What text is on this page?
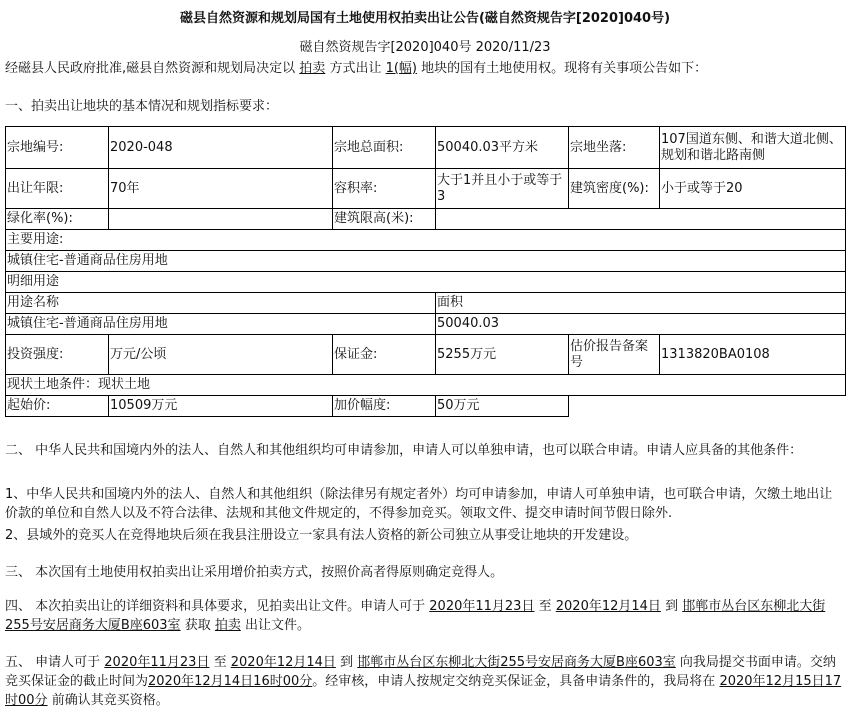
磁县自然资源和规划局国有土地使用权拍卖出让公告(磁自然资规告字[2020]040号)
磁自然资规告字[2020]040号 2020/11/23
经磁县人民政府批准,磁县自然资源和规划局决定以 拍卖 方式出让 1(幅) 地块的国有土地使用权。现将有关事项公告如下：
一、拍卖出让地块的基本情况和规划指标要求：
宗地编号:	2020-048	宗地总面积:	50040.03平方米	宗地坐落:	107国道东侧、和谐大道北侧、规划和谐北路南侧
出让年限:	70年	容积率:	大于1并且小于或等于3	建筑密度(%):	小于或等于20
绿化率(%):		建筑限高(米):			
主要用途:					
城镇住宅-普通商品住房用地					
明细用途					
用途名称			面积		
城镇住宅-普通商品住房用地			50040.03		
投资强度:	万元/公顷	保证金:	5255万元	估价报告备案号	1313820BA0108
现状土地条件：现状土地					
起始价:	10509万元	加价幅度:	50万元		
二、 中华人民共和国境内外的法人、自然人和其他组织均可申请参加，申请人可以单独申请，也可以联合申请。申请人应具备的其他条件：
1、中华人民共和国境内外的法人、自然人和其他组织（除法律另有规定者外）均可申请参加，申请人可单独申请，也可联合申请，欠缴土地出让价款的单位和自然人以及不符合法律、法规和其他文件规定的，不得参加竞买。领取文件、提交申请时间节假日除外.
2、县域外的竞买人在竞得地块后须在我县注册设立一家具有法人资格的新公司独立从事受让地块的开发建设。
三、 本次国有土地使用权拍卖出让采用增价拍卖方式，按照价高者得原则确定竞得人。
四、 本次拍卖出让的详细资料和具体要求，见拍卖出让文件。申请人可于 2020年11月23日 至 2020年12月14日 到 邯郸市丛台区东柳北大街255号安居商务大厦B座603室 获取 拍卖 出让文件。
五、 申请人可于 2020年11月23日 至 2020年12月14日 到 邯郸市丛台区东柳北大街255号安居商务大厦B座603室 向我局提交书面申请。交纳竞买保证金的截止时间为2020年12月14日16时00分。经审核，申请人按规定交纳竞买保证金，具备申请条件的，我局将在 2020年12月15日17时00分 前确认其竞买资格。
